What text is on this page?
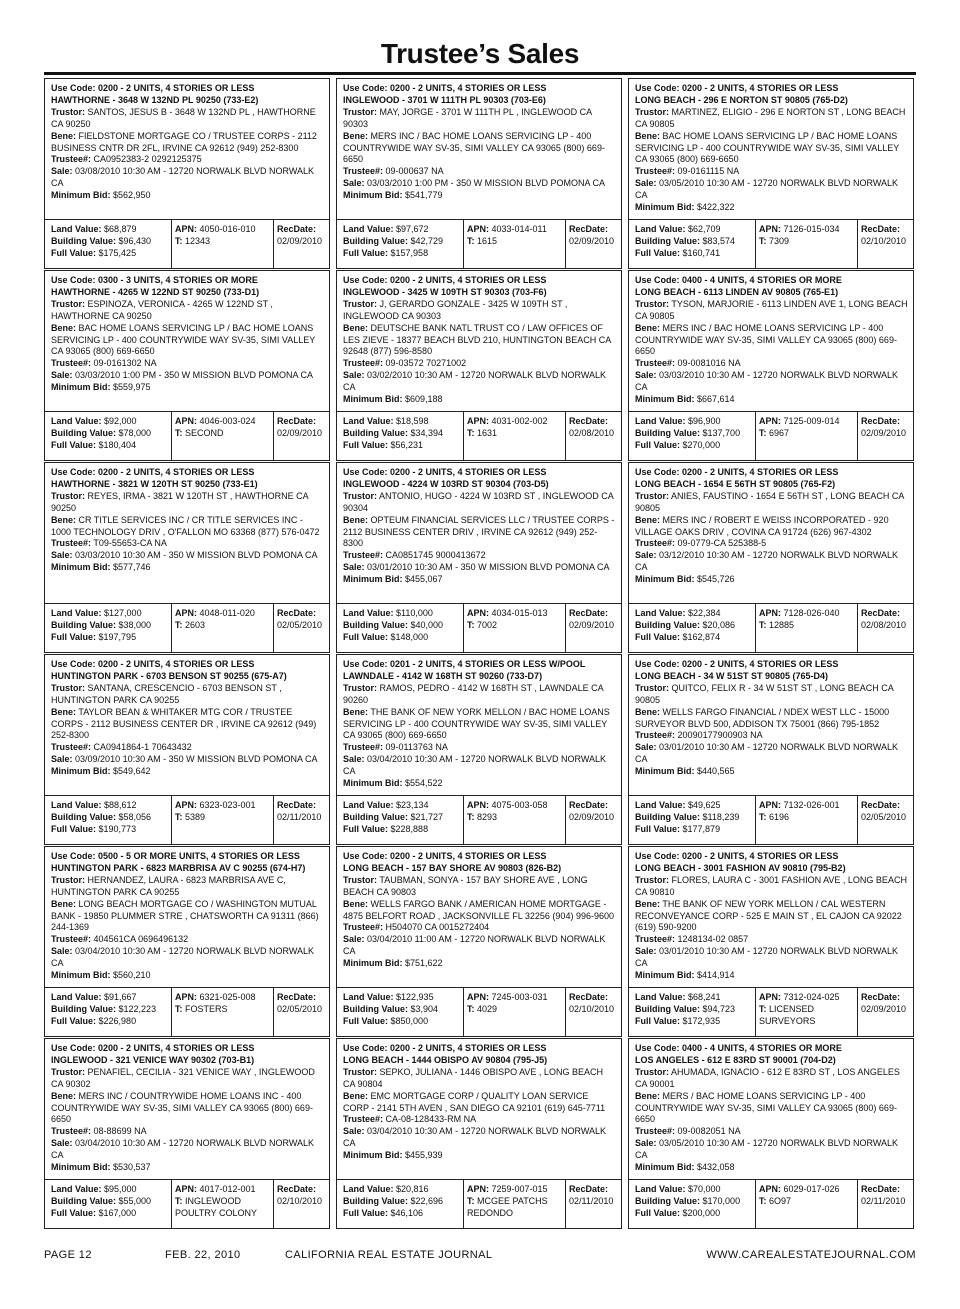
Trustee’s Sales
Use Code: 0200 - 2 UNITS, 4 STORIES OR LESS
HAWTHORNE - 3648 W 132ND PL 90250 (733-E2)
Trustor: SANTOS, JESUS B - 3648 W 132ND PL , HAWTHORNE CA 90250
Bene: FIELDSTONE MORTGAGE CO / TRUSTEE CORPS - 2112 BUSINESS CNTR DR 2FL, IRVINE CA 92612 (949) 252-8300
Trustee#: CA0952383-2 0292125375
Sale: 03/08/2010 10:30 AM - 12720 NORWALK BLVD NORWALK CA
Minimum Bid: $562,950
Land Value: $68,879
Building Value: $96,430
Full Value: $175,425
APN: 4050-016-010
T: 12343
RecDate:
02/09/2010
Use Code: 0300 - 3 UNITS, 4 STORIES OR MORE
HAWTHORNE - 4265 W 122ND ST 90250 (733-D1)
Trustor: ESPINOZA, VERONICA - 4265 W 122ND ST , HAWTHORNE CA 90250
Bene: BAC HOME LOANS SERVICING LP / BAC HOME LOANS SERVICING LP - 400 COUNTRYWIDE WAY SV-35, SIMI VALLEY CA 93065 (800) 669-6650
Trustee#: 09-0161302 NA
Sale: 03/03/2010 1:00 PM - 350 W MISSION BLVD POMONA CA
Minimum Bid: $559,975
Land Value: $92,000
Building Value: $78,000
Full Value: $180,404
APN: 4046-003-024
T: SECOND
RecDate:
02/09/2010
Use Code: 0200 - 2 UNITS, 4 STORIES OR LESS
HAWTHORNE - 3821 W 120TH ST 90250 (733-E1)
Trustor: REYES, IRMA - 3821 W 120TH ST , HAWTHORNE CA 90250
Bene: CR TITLE SERVICES INC / CR TITLE SERVICES INC - 1000 TECHNOLOGY DRIV , O'FALLON MO 63368 (877) 576-0472
Trustee#: T09-55653-CA NA
Sale: 03/03/2010 10:30 AM - 350 W MISSION BLVD POMONA CA
Minimum Bid: $577,746
Land Value: $127,000
Building Value: $38,000
Full Value: $197,795
APN: 4048-011-020
T: 2603
RecDate:
02/05/2010
Use Code: 0200 - 2 UNITS, 4 STORIES OR LESS
HUNTINGTON PARK - 6703 BENSON ST 90255 (675-A7)
Trustor: SANTANA, CRESCENCIO - 6703 BENSON ST , HUNTINGTON PARK CA 90255
Bene: TAYLOR BEAN & WHITAKER MTG COR / TRUSTEE CORPS - 2112 BUSINESS CENTER DR , IRVINE CA 92612 (949) 252-8300
Trustee#: CA0941864-1 70643432
Sale: 03/09/2010 10:30 AM - 350 W MISSION BLVD POMONA CA
Minimum Bid: $549,642
Land Value: $88,612
Building Value: $58,056
Full Value: $190,773
APN: 6323-023-001
T: 5389
RecDate:
02/11/2010
Use Code: 0500 - 5 OR MORE UNITS, 4 STORIES OR LESS
HUNTINGTON PARK - 6823 MARBRISA AV C 90255 (674-H7)
Trustor: HERNANDEZ, LAURA - 6823 MARBRISA AVE C, HUNTINGTON PARK CA 90255
Bene: LONG BEACH MORTGAGE CO / WASHINGTON MUTUAL BANK - 19850 PLUMMER STRE , CHATSWORTH CA 91311 (866) 244-1369
Trustee#: 404561CA 0696496132
Sale: 03/04/2010 10:30 AM - 12720 NORWALK BLVD NORWALK CA
Minimum Bid: $560,210
Land Value: $91,667
Building Value: $122,223
Full Value: $226,980
APN: 6321-025-008
T: FOSTERS
RecDate:
02/05/2010
Use Code: 0200 - 2 UNITS, 4 STORIES OR LESS
INGLEWOOD - 321 VENICE WAY 90302 (703-B1)
Trustor: PENAFIEL, CECILIA - 321 VENICE WAY , INGLEWOOD CA 90302
Bene: MERS INC / COUNTRYWIDE HOME LOANS INC - 400 COUNTRYWIDE WAY SV-35, SIMI VALLEY CA 93065 (800) 669-6650
Trustee#: 08-88699 NA
Sale: 03/04/2010 10:30 AM - 12720 NORWALK BLVD NORWALK CA
Minimum Bid: $530,537
Land Value: $95,000
Building Value: $55,000
Full Value: $167,000
APN: 4017-012-001
T: INGLEWOOD POULTRY COLONY
RecDate:
02/10/2010
Use Code: 0200 - 2 UNITS, 4 STORIES OR LESS
INGLEWOOD - 3701 W 111TH PL 90303 (703-E6)
Trustor: MAY, JORGE - 3701 W 111TH PL , INGLEWOOD CA 90303
Bene: MERS INC / BAC HOME LOANS SERVICING LP - 400 COUNTRYWIDE WAY SV-35, SIMI VALLEY CA 93065 (800) 669-6650
Trustee#: 09-000637 NA
Sale: 03/03/2010 1:00 PM - 350 W MISSION BLVD POMONA CA
Minimum Bid: $541,779
Land Value: $97,672
Building Value: $42,729
Full Value: $157,958
APN: 4033-014-011
T: 1615
RecDate:
02/09/2010
Use Code: 0200 - 2 UNITS, 4 STORIES OR LESS
INGLEWOOD - 3425 W 109TH ST 90303 (703-F6)
Trustor: J, GERARDO GONZALE - 3425 W 109TH ST , INGLEWOOD CA 90303
Bene: DEUTSCHE BANK NATL TRUST CO / LAW OFFICES OF LES ZIEVE - 18377 BEACH BLVD 210, HUNTINGTON BEACH CA 92648 (877) 596-8580
Trustee#: 09-03572 70271002
Sale: 03/02/2010 10:30 AM - 12720 NORWALK BLVD NORWALK CA
Minimum Bid: $609,188
Land Value: $18,598
Building Value: $34,394
Full Value: $56,231
APN: 4031-002-002
T: 1631
RecDate:
02/08/2010
Use Code: 0200 - 2 UNITS, 4 STORIES OR LESS
INGLEWOOD - 4224 W 103RD ST 90304 (703-D5)
Trustor: ANTONIO, HUGO - 4224 W 103RD ST , INGLEWOOD CA 90304
Bene: OPTEUM FINANCIAL SERVICES LLC / TRUSTEE CORPS - 2112 BUSINESS CENTER DRIV , IRVINE CA 92612 (949) 252-8300
Trustee#: CA0851745 9000413672
Sale: 03/01/2010 10:30 AM - 350 W MISSION BLVD POMONA CA
Minimum Bid: $455,067
Land Value: $110,000
Building Value: $40,000
Full Value: $148,000
APN: 4034-015-013
T: 7002
RecDate:
02/09/2010
Use Code: 0201 - 2 UNITS, 4 STORIES OR LESS W/POOL
LAWNDALE - 4142 W 168TH ST 90260 (733-D7)
Trustor: RAMOS, PEDRO - 4142 W 168TH ST , LAWNDALE CA 90260
Bene: THE BANK OF NEW YORK MELLON / BAC HOME LOANS SERVICING LP - 400 COUNTRYWIDE WAY SV-35, SIMI VALLEY CA 93065 (800) 669-6650
Trustee#: 09-0113763 NA
Sale: 03/04/2010 10:30 AM - 12720 NORWALK BLVD NORWALK CA
Minimum Bid: $554,522
Land Value: $23,134
Building Value: $21,727
Full Value: $228,888
APN: 4075-003-058
T: 8293
RecDate:
02/09/2010
Use Code: 0200 - 2 UNITS, 4 STORIES OR LESS
LONG BEACH - 157 BAY SHORE AV 90803 (826-B2)
Trustor: TAUBMAN, SONYA - 157 BAY SHORE AVE , LONG BEACH CA 90803
Bene: WELLS FARGO BANK / AMERICAN HOME MORTGAGE - 4875 BELFORT ROAD , JACKSONVILLE FL 32256 (904) 996-9600
Trustee#: H504070 CA 0015272404
Sale: 03/04/2010 11:00 AM - 12720 NORWALK BLVD NORWALK CA
Minimum Bid: $751,622
Land Value: $122,935
Building Value: $3,904
Full Value: $850,000
APN: 7245-003-031
T: 4029
RecDate:
02/10/2010
Use Code: 0200 - 2 UNITS, 4 STORIES OR LESS
LONG BEACH - 1444 OBISPO AV 90804 (795-J5)
Trustor: SEPKO, JULIANA - 1446 OBISPO AVE , LONG BEACH CA 90804
Bene: EMC MORTGAGE CORP / QUALITY LOAN SERVICE CORP - 2141 5TH AVEN , SAN DIEGO CA 92101 (619) 645-7711
Trustee#: CA-08-128433-RM NA
Sale: 03/04/2010 10:30 AM - 12720 NORWALK BLVD NORWALK CA
Minimum Bid: $455,939
Land Value: $20,816
Building Value: $22,696
Full Value: $46,106
APN: 7259-007-015
T: MCGEE PATCHS REDONDO
RecDate:
02/11/2010
Use Code: 0200 - 2 UNITS, 4 STORIES OR LESS
LONG BEACH - 296 E NORTON ST 90805 (765-D2)
Trustor: MARTINEZ, ELIGIO - 296 E NORTON ST , LONG BEACH CA 90805
Bene: BAC HOME LOANS SERVICING LP / BAC HOME LOANS SERVICING LP - 400 COUNTRYWIDE WAY SV-35, SIMI VALLEY CA 93065 (800) 669-6650
Trustee#: 09-0161115 NA
Sale: 03/05/2010 10:30 AM - 12720 NORWALK BLVD NORWALK CA
Minimum Bid: $422,322
Land Value: $62,709
Building Value: $83,574
Full Value: $160,741
APN: 7126-015-034
T: 7309
RecDate:
02/10/2010
Use Code: 0400 - 4 UNITS, 4 STORIES OR MORE
LONG BEACH - 6113 LINDEN AV 90805 (765-E1)
Trustor: TYSON, MARJORIE - 6113 LINDEN AVE 1, LONG BEACH CA 90805
Bene: MERS INC / BAC HOME LOANS SERVICING LP - 400 COUNTRYWIDE WAY SV-35, SIMI VALLEY CA 93065 (800) 669-6650
Trustee#: 09-0081016 NA
Sale: 03/03/2010 10:30 AM - 12720 NORWALK BLVD NORWALK CA
Minimum Bid: $667,614
Land Value: $96,900
Building Value: $137,700
Full Value: $270,000
APN: 7125-009-014
T: 6967
RecDate:
02/09/2010
Use Code: 0200 - 2 UNITS, 4 STORIES OR LESS
LONG BEACH - 1654 E 56TH ST 90805 (765-F2)
Trustor: ANIES, FAUSTINO - 1654 E 56TH ST , LONG BEACH CA 90805
Bene: MERS INC / ROBERT E WEISS INCORPORATED - 920 VILLAGE OAKS DRIV , COVINA CA 91724 (626) 967-4302
Trustee#: 09-0779-CA 525388-5
Sale: 03/12/2010 10:30 AM - 12720 NORWALK BLVD NORWALK CA
Minimum Bid: $545,726
Land Value: $22,384
Building Value: $20,086
Full Value: $162,874
APN: 7128-026-040
T: 12885
RecDate:
02/08/2010
Use Code: 0200 - 2 UNITS, 4 STORIES OR LESS
LONG BEACH - 34 W 51ST ST 90805 (765-D4)
Trustor: QUITCO, FELIX R - 34 W 51ST ST , LONG BEACH CA 90805
Bene: WELLS FARGO FINANCIAL / NDEX WEST LLC - 15000 SURVEYOR BLVD 500, ADDISON TX 75001 (866) 795-1852
Trustee#: 20090177900903 NA
Sale: 03/01/2010 10:30 AM - 12720 NORWALK BLVD NORWALK CA
Minimum Bid: $440,565
Land Value: $49,625
Building Value: $118,239
Full Value: $177,879
APN: 7132-026-001
T: 6196
RecDate:
02/05/2010
Use Code: 0200 - 2 UNITS, 4 STORIES OR LESS
LONG BEACH - 3001 FASHION AV 90810 (795-B2)
Trustor: FLORES, LAURA C - 3001 FASHION AVE , LONG BEACH CA 90810
Bene: THE BANK OF NEW YORK MELLON / CAL WESTERN RECONVEYANCE CORP - 525 E MAIN ST , EL CAJON CA 92022 (619) 590-9200
Trustee#: 1248134-02 0857
Sale: 03/01/2010 10:30 AM - 12720 NORWALK BLVD NORWALK CA
Minimum Bid: $414,914
Land Value: $68,241
Building Value: $94,723
Full Value: $172,935
APN: 7312-024-025
T: LICENSED SURVEYORS
RecDate:
02/09/2010
Use Code: 0400 - 4 UNITS, 4 STORIES OR MORE
LOS ANGELES - 612 E 83RD ST 90001 (704-D2)
Trustor: AHUMADA, IGNACIO - 612 E 83RD ST , LOS ANGELES CA 90001
Bene: MERS / BAC HOME LOANS SERVICING LP - 400 COUNTRYWIDE WAY SV-35, SIMI VALLEY CA 93065 (800) 669-6650
Trustee#: 09-0082051 NA
Sale: 03/05/2010 10:30 AM - 12720 NORWALK BLVD NORWALK CA
Minimum Bid: $432,058
Land Value: $70,000
Building Value: $170,000
Full Value: $200,000
APN: 6029-017-026
T: 6O97
RecDate:
02/11/2010
PAGE 12	FEB. 22, 2010	CALIFORNIA REAL ESTATE JOURNAL	WWW.CAREALESTATEJOURNAL.COM
